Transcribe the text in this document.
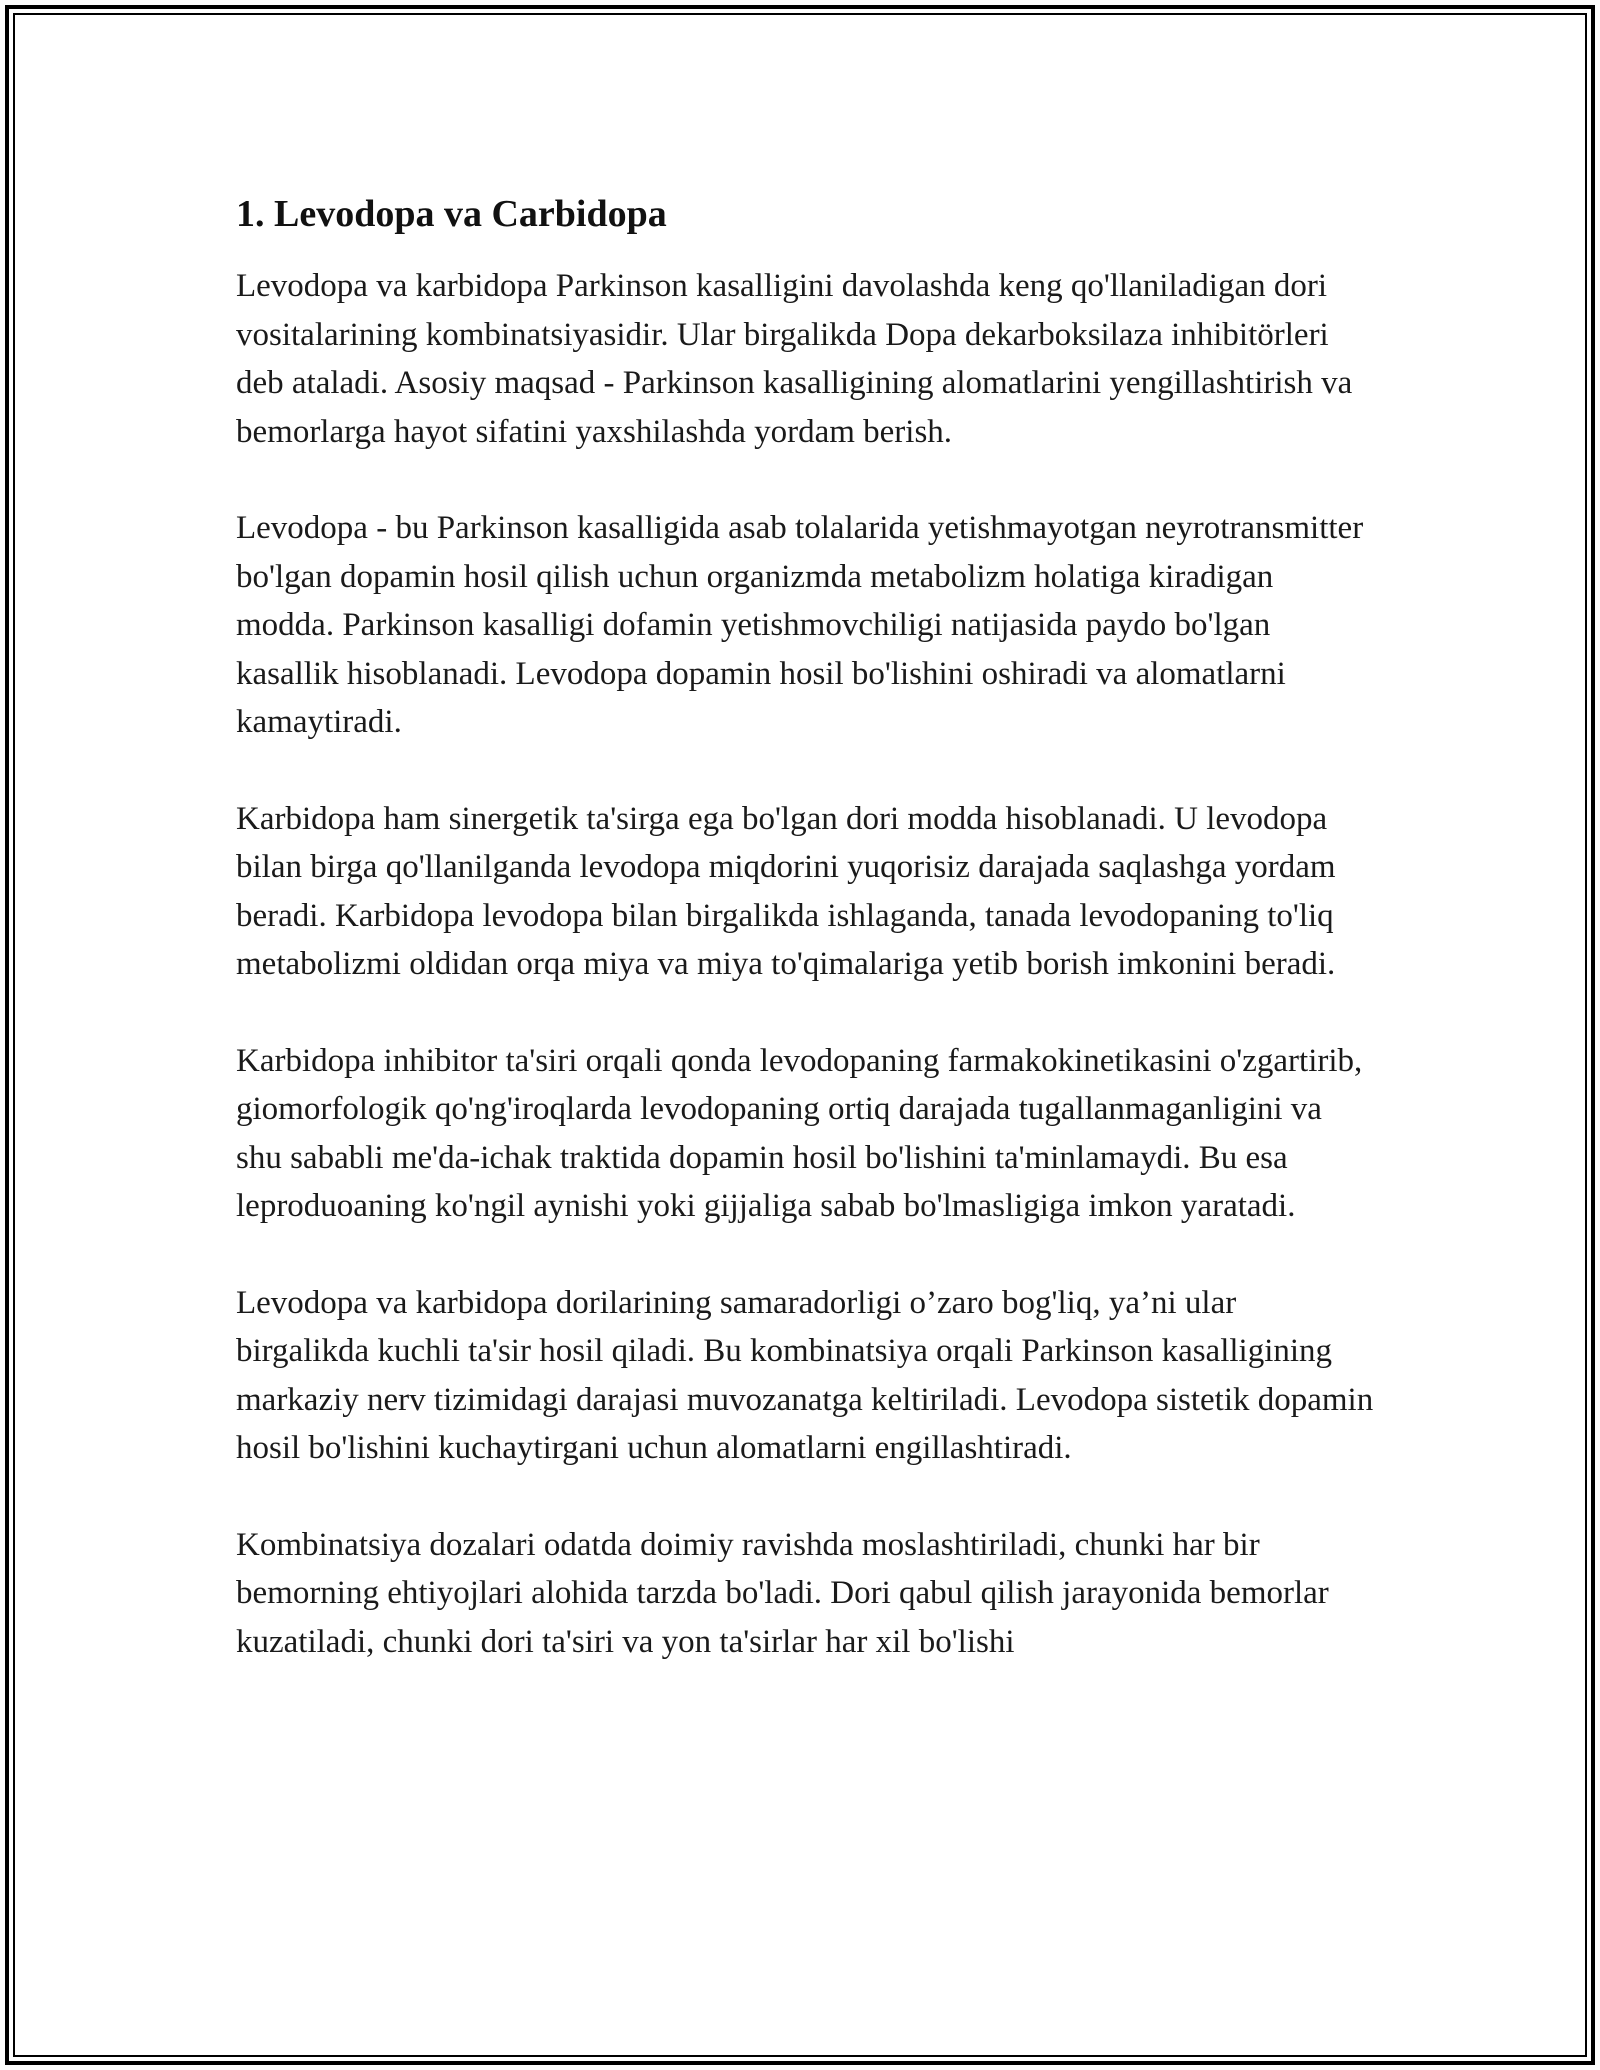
1. Levodopa va Carbidopa

Levodopa va karbidopa Parkinson kasalligini davolashda keng qo'llaniladigan dori vositalarining kombinatsiyasidir. Ular birgalikda Dopa dekarboksilaza inhibitörleri deb ataladi. Asosiy maqsad - Parkinson kasalligining alomatlarini yengillashtirish va bemorlarga hayot sifatini yaxshilashda yordam berish.

Levodopa - bu Parkinson kasalligida asab tolalarida yetishmayotgan neyrotransmitter bo'lgan dopamin hosil qilish uchun organizmda metabolizm holatiga kiradigan modda. Parkinson kasalligi dofamin yetishmovchiligi natijasida paydo bo'lgan kasallik hisoblanadi. Levodopa dopamin hosil bo'lishini oshiradi va alomatlarni kamaytiradi.

Karbidopa ham sinergetik ta'sirga ega bo'lgan dori modda hisoblanadi. U levodopa bilan birga qo'llanilganda levodopa miqdorini yuqorisiz darajada saqlashga yordam beradi. Karbidopa levodopa bilan birgalikda ishlaganda, tanada levodopaning to'liq metabolizmi oldidan orqa miya va miya to'qimalariga yetib borish imkonini beradi.

Karbidopa inhibitor ta'siri orqali qonda levodopaning farmakokinetikasini o'zgartirib, giomorfologik qo'ng'iroqlarda levodopaning ortiq darajada tugallanmaganligini va shu sababli me'da-ichak traktida dopamin hosil bo'lishini ta'minlamaydi. Bu esa leproduoaning ko'ngil aynishi yoki gijjaliga sabab bo'lmasligiga imkon yaratadi.

Levodopa va karbidopa dorilarining samaradorligi o’zaro bog'liq, ya’ni ular birgalikda kuchli ta'sir hosil qiladi. Bu kombinatsiya orqali Parkinson kasalligining markaziy nerv tizimidagi darajasi muvozanatga keltiriladi. Levodopa sistetik dopamin hosil bo'lishini kuchaytirgani uchun alomatlarni engillashtiradi.

Kombinatsiya dozalari odatda doimiy ravishda moslashtiriladi, chunki har bir bemorning ehtiyojlari alohida tarzda bo'ladi. Dori qabul qilish jarayonida bemorlar kuzatiladi, chunki dori ta'siri va yon ta'sirlar har xil bo'lishi
